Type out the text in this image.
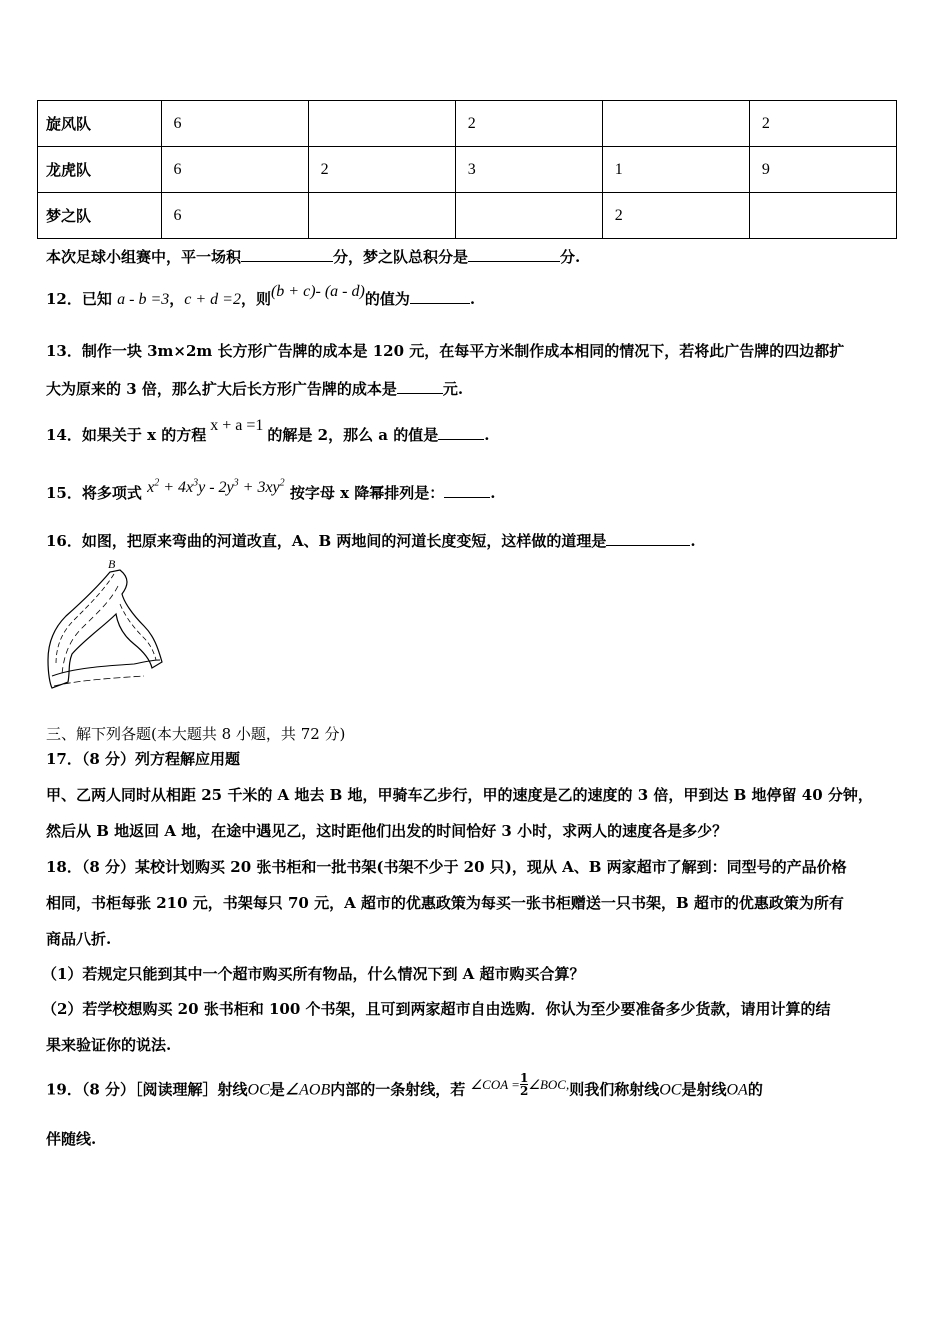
旋风队	6		2		2
龙虎队	6	2	3	1	9
梦之队	6			2	
本次足球小组赛中，平一场积	分，梦之队总积分是	分.
12．已知 a - b =3，c + d =2，则(b + c)- (a - d)的值为	.
13．制作一块 3m×2m 长方形广告牌的成本是 120 元，在每平方米制作成本相同的情况下，若将此广告牌的四边都扩
大为原来的 3 倍，那么扩大后长方形广告牌的成本是	元.
14．如果关于 x 的方程x + a =1的解是 2，那么 a 的值是	.
15．将多项式 $x^2 + 4x^3y - 2y^3 + 3xy^2$ 按字母 x 降幂排列是：	.
16．如图，把原来弯曲的河道改直，A、B 两地间的河道长度变短，这样做的道理是	.
B
三、解下列各题(本大题共 8 小题，共 72 分)
17．（8 分）列方程解应用题
甲、乙两人同时从相距 25 千米的 A 地去 B 地，甲骑车乙步行，甲的速度是乙的速度的 3 倍，甲到达 B 地停留 40 分钟，
然后从 B 地返回 A 地，在途中遇见乙，这时距他们出发的时间恰好 3 小时，求两人的速度各是多少？
18．（8 分）某校计划购买 20 张书柜和一批书架(书架不少于 20 只)，现从 A、B 两家超市了解到：同型号的产品价格
相同，书柜每张 210 元，书架每只 70 元，A 超市的优惠政策为每买一张书柜赠送一只书架，B 超市的优惠政策为所有
商品八折.
（1）若规定只能到其中一个超市购买所有物品，什么情况下到 A 超市购买合算？
（2）若学校想购买 20 张书柜和 100 个书架，且可到两家超市自由选购．你认为至少要准备多少货款，请用计算的结
果来验证你的说法.
19．（8 分）［阅读理解］射线OC是∠AOB内部的一条射线，若 ∠COA = $\frac{1}{2}$ ∠BOC,则我们称射线OC是射线OA的
伴随线.
